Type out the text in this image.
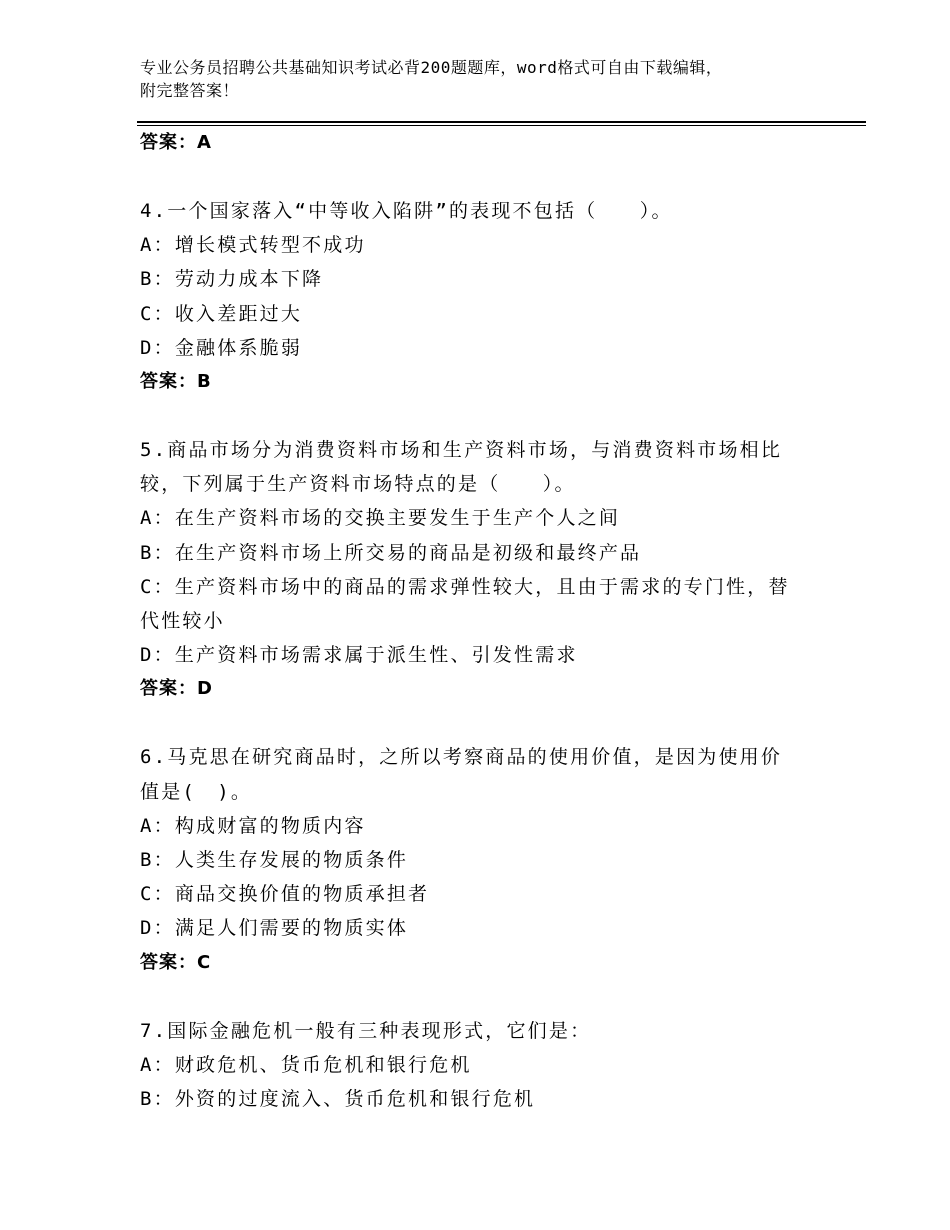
专业公务员招聘公共基础知识考试必背200题题库，word格式可自由下载编辑，
附完整答案！
答案：A
4.一个国家落入“中等收入陷阱”的表现不包括（　　）。
A：增长模式转型不成功
B：劳动力成本下降
C：收入差距过大
D：金融体系脆弱
答案：B
5.商品市场分为消费资料市场和生产资料市场，与消费资料市场相比
较，下列属于生产资料市场特点的是（　　）。
A：在生产资料市场的交换主要发生于生产个人之间
B：在生产资料市场上所交易的商品是初级和最终产品
C：生产资料市场中的商品的需求弹性较大，且由于需求的专门性，替
代性较小
D：生产资料市场需求属于派生性、引发性需求
答案：D
6.马克思在研究商品时，之所以考察商品的使用价值，是因为使用价
值是(　)。
A：构成财富的物质内容
B：人类生存发展的物质条件
C：商品交换价值的物质承担者
D：满足人们需要的物质实体
答案：C
7.国际金融危机一般有三种表现形式，它们是：
A：财政危机、货币危机和银行危机
B：外资的过度流入、货币危机和银行危机
